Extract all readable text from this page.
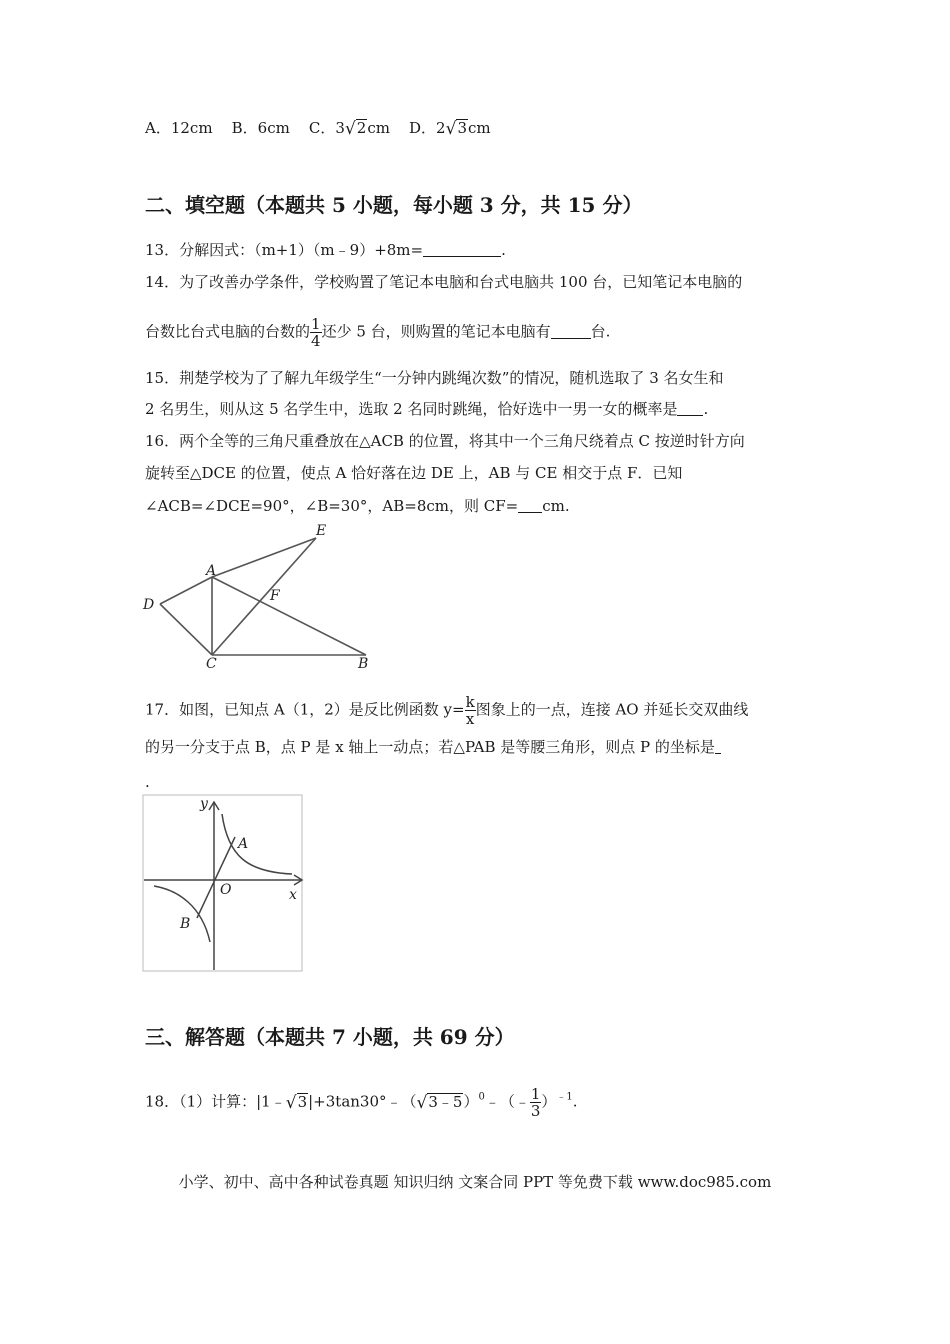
A．12cm B．6cm C．3√2cm D．2√3cm
二、填空题（本题共 5 小题，每小题 3 分，共 15 分）
13．分解因式：（m+1）（m﹣9）+8m=	.
14．为了改善办学条件，学校购置了笔记本电脑和台式电脑共 100 台，已知笔记本电脑的
台数比台式电脑的台数的 $\frac{1}{4}$ 还少 5 台，则购置的笔记本电脑有	台.
15．荆楚学校为了了解九年级学生“一分钟内跳绳次数”的情况，随机选取了 3 名女生和
2 名男生，则从这 5 名学生中，选取 2 名同时跳绳，恰好选中一男一女的概率是 .
16．两个全等的三角尺重叠放在△ACB 的位置，将其中一个三角尺绕着点 C 按逆时针方向
旋转至△DCE 的位置，使点 A 恰好落在边 DE 上，AB 与 CE 相交于点 F．已知
∠ACB=∠DCE=90°，∠B=30°，AB=8cm，则 CF= cm.
A
B
C
D
E
F
17．如图，已知点 A（1，2）是反比例函数 $y= \frac{k}{x}$ 图象上的一点，连接 AO 并延长交双曲线
的另一分支于点 B，点 P 是 x 轴上一动点；若△PAB 是等腰三角形，则点 P 的坐标是
.
y
x
O
A
B
三、解答题（本题共 7 小题，共 69 分）
18．（1）计算：|1﹣√3|+3tan30°﹣（√3﹣5）$^0$﹣（﹣ $\frac{1}{3} )^{﹣1}$.
小学、初中、高中各种试卷真题 知识归纳 文案合同 PPT 等免费下载 www.doc985.com
